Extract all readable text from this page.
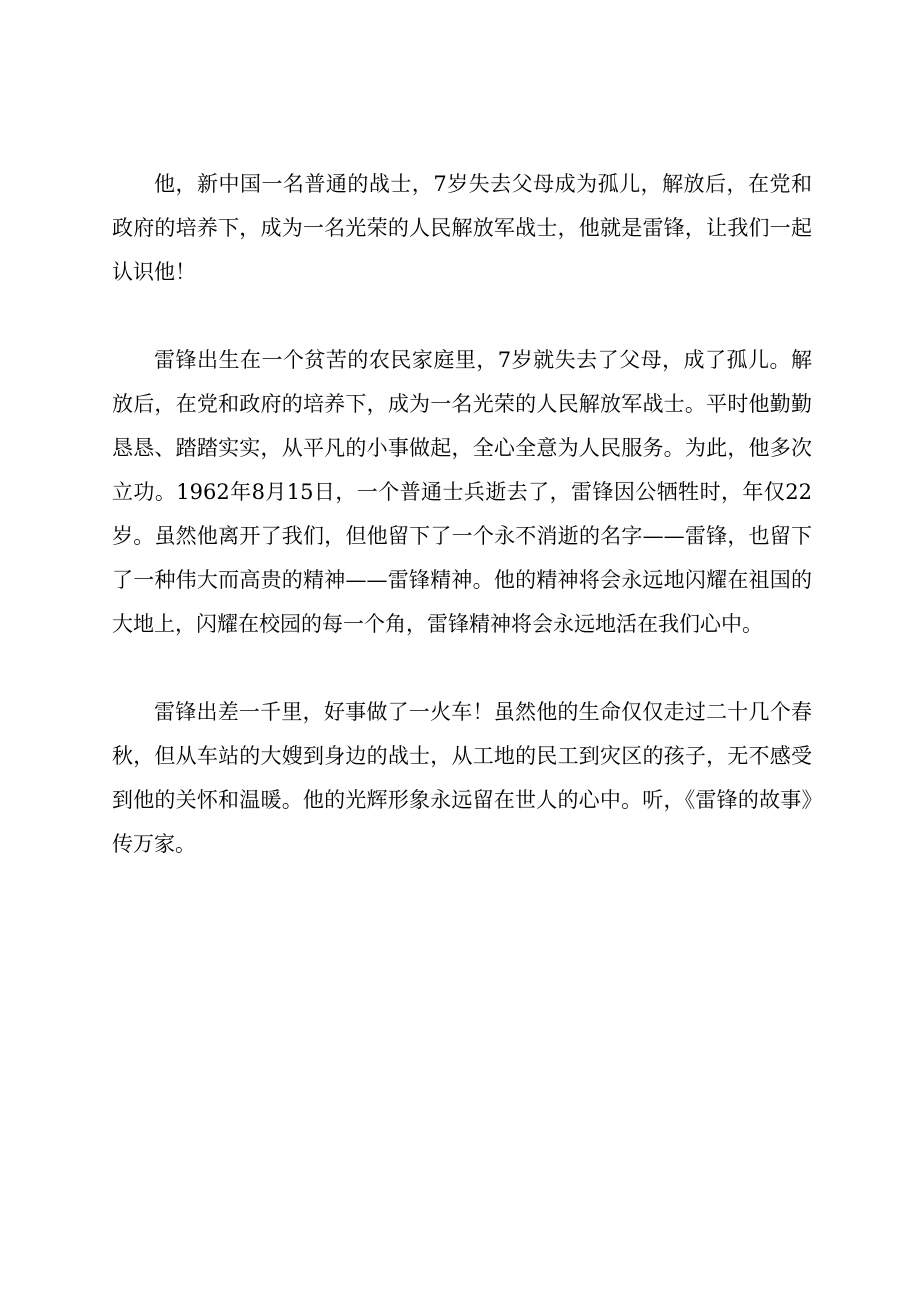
他，新中国一名普通的战士，7岁失去父母成为孤儿，解放后，在党和政府的培养下，成为一名光荣的人民解放军战士，他就是雷锋，让我们一起认识他！

雷锋出生在一个贫苦的农民家庭里，7岁就失去了父母，成了孤儿。解放后，在党和政府的培养下，成为一名光荣的人民解放军战士。平时他勤勤恳恳、踏踏实实，从平凡的小事做起，全心全意为人民服务。为此，他多次立功。1962年8月15日，一个普通士兵逝去了，雷锋因公牺牲时，年仅22岁。虽然他离开了我们，但他留下了一个永不消逝的名字——雷锋，也留下了一种伟大而高贵的精神——雷锋精神。他的精神将会永远地闪耀在祖国的大地上，闪耀在校园的每一个角，雷锋精神将会永远地活在我们心中。

雷锋出差一千里，好事做了一火车！虽然他的生命仅仅走过二十几个春秋，但从车站的大嫂到身边的战士，从工地的民工到灾区的孩子，无不感受到他的关怀和温暖。他的光辉形象永远留在世人的心中。听，《雷锋的故事》传万家。
